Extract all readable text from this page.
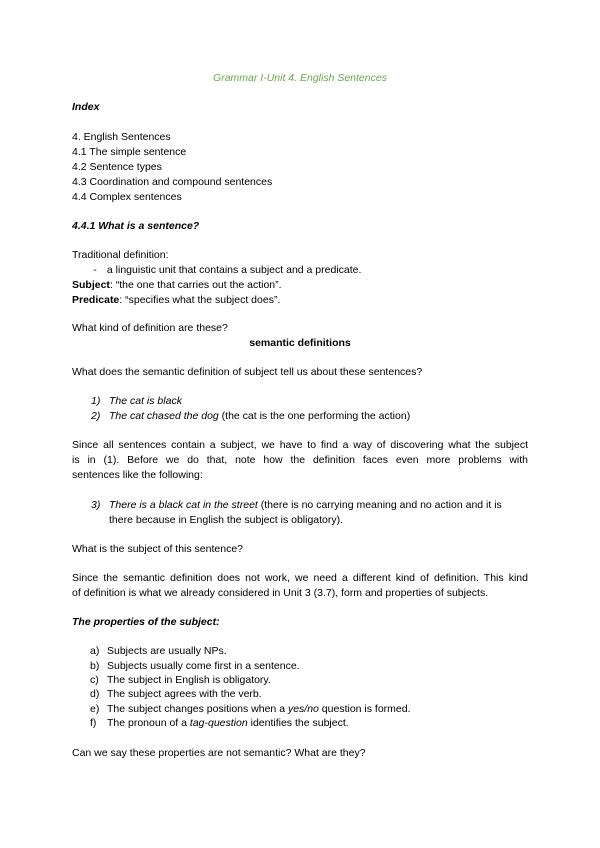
Grammar I-Unit 4. English Sentences
Index
4. English Sentences
4.1 The simple sentence
4.2 Sentence types
4.3 Coordination and compound sentences
4.4 Complex sentences
4.4.1 What is a sentence?
Traditional definition:
- a linguistic unit that contains a subject and a predicate.
Subject: “the one that carries out the action”.
Predicate: “specifies what the subject does”.
What kind of definition are these?
semantic definitions
What does the semantic definition of subject tell us about these sentences?
1) The cat is black
2) The cat chased the dog (the cat is the one performing the action)
Since all sentences contain a subject, we have to find a way of discovering what the subject
is in (1). Before we do that, note how the definition faces even more problems with
sentences like the following:
3) There is a black cat in the street (there is no carrying meaning and no action and it is
there because in English the subject is obligatory).
What is the subject of this sentence?
Since the semantic definition does not work, we need a different kind of definition. This kind
of definition is what we already considered in Unit 3 (3.7), form and properties of subjects.
The properties of the subject:
a) Subjects are usually NPs.
b) Subjects usually come first in a sentence.
c) The subject in English is obligatory.
d) The subject agrees with the verb.
e) The subject changes positions when a yes/no question is formed.
f) The pronoun of a tag-question identifies the subject.
Can we say these properties are not semantic? What are they?
